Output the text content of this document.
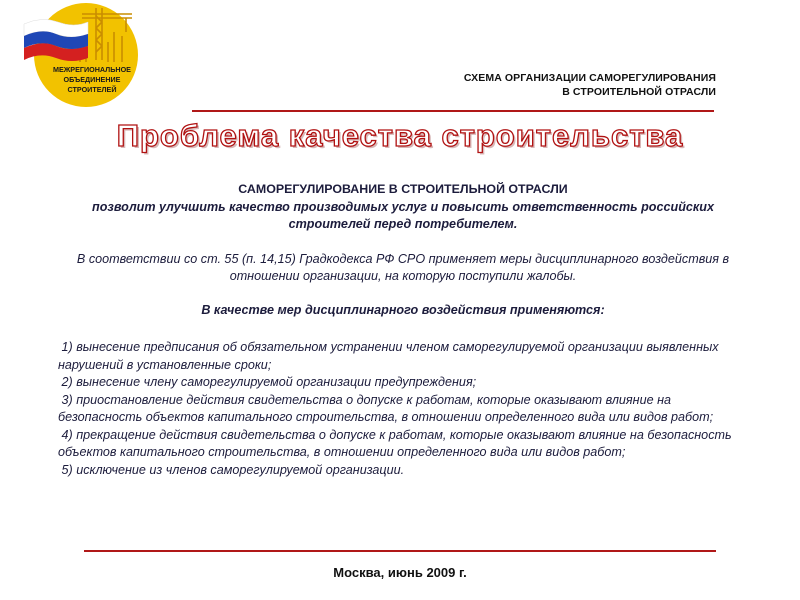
МЕЖРЕГИОНАЛЬНОЕ
ОБЪЕДИНЕНИЕ
СТРОИТЕЛЕЙ
СХЕМА ОРГАНИЗАЦИИ САМОРЕГУЛИРОВАНИЯ
В СТРОИТЕЛЬНОЙ ОТРАСЛИ
Проблема качества строительства
САМОРЕГУЛИРОВАНИЕ В СТРОИТЕЛЬНОЙ ОТРАСЛИ
позволит улучшить качество производимых услуг и повысить ответственность российских строителей перед потребителем.
В соответствии со ст. 55 (п. 14,15) Градкодекса РФ СРО применяет меры дисциплинарного воздействия в отношении организации, на которую поступили жалобы.
В качестве мер дисциплинарного воздействия применяются:
1) вынесение предписания об обязательном устранении членом саморегулируемой организации выявленных нарушений в установленные сроки;
2) вынесение члену саморегулируемой организации предупреждения;
3) приостановление действия свидетельства о допуске к работам, которые оказывают влияние на безопасность объектов капитального строительства, в отношении определенного вида или видов работ;
4) прекращение действия свидетельства о допуске к работам, которые оказывают влияние на безопасность объектов капитального строительства, в отношении определенного вида или видов работ;
5) исключение из членов саморегулируемой организации.
Москва, июнь 2009 г.
